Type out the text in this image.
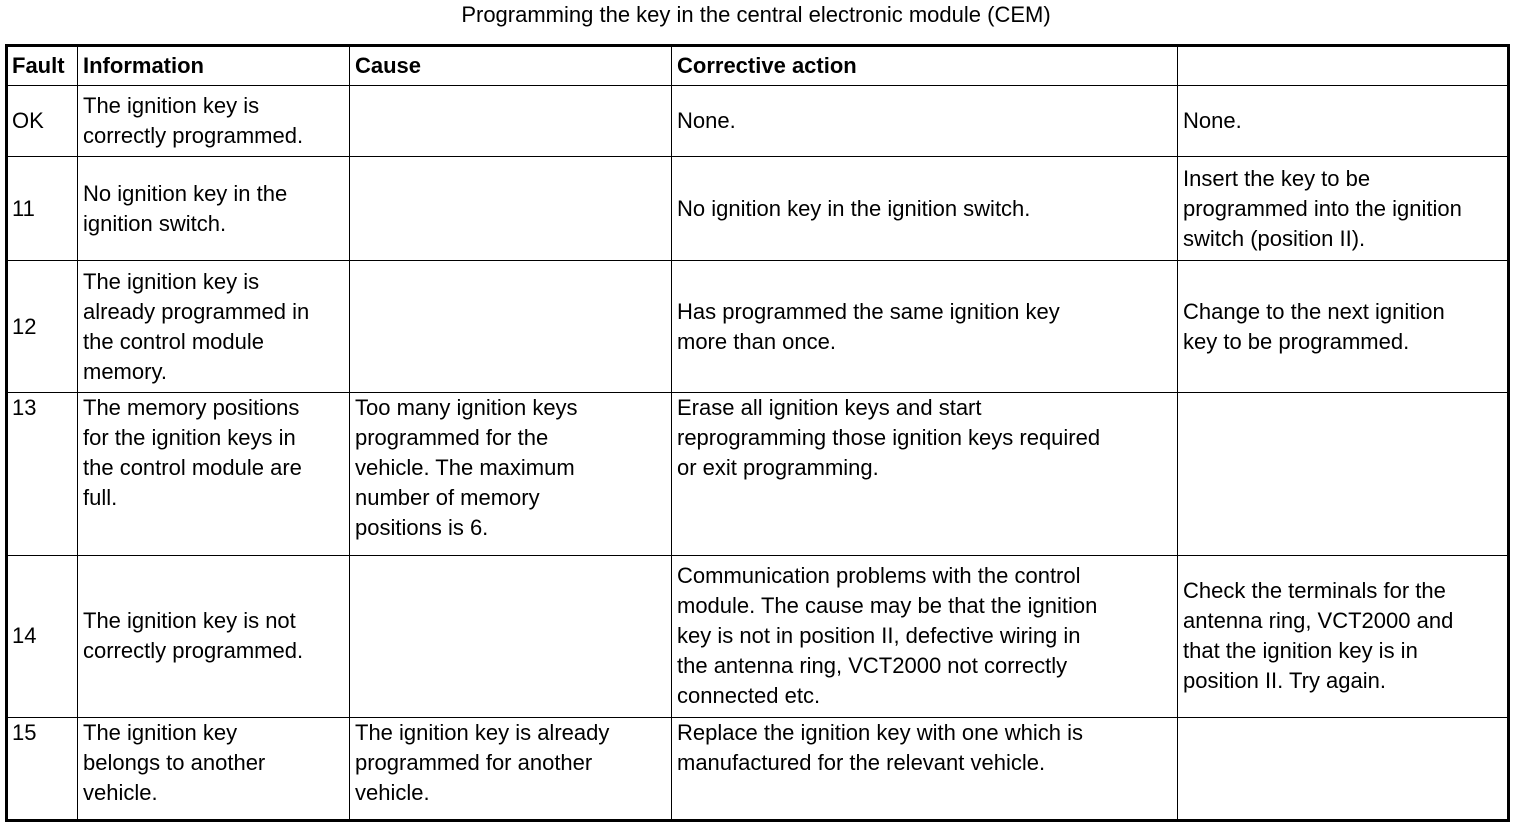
Programming the key in the central electronic module (CEM)
Fault	Information	Cause	Corrective action	
OK	The ignition key is
correctly programmed.		None.	None.
11	No ignition key in the
ignition switch.		No ignition key in the ignition switch.	Insert the key to be
programmed into the ignition
switch (position II).
12	The ignition key is
already programmed in
the control module
memory.		Has programmed the same ignition key
more than once.	Change to the next ignition
key to be programmed.
13	The memory positions
for the ignition keys in
the control module are
full.	Too many ignition keys
programmed for the
vehicle. The maximum
number of memory
positions is 6.	Erase all ignition keys and start
reprogramming those ignition keys required
or exit programming.	
14	The ignition key is not
correctly programmed.		Communication problems with the control
module. The cause may be that the ignition
key is not in position II, defective wiring in
the antenna ring, VCT2000 not correctly
connected etc.	Check the terminals for the
antenna ring, VCT2000 and
that the ignition key is in
position II. Try again.
15	The ignition key
belongs to another
vehicle.	The ignition key is already
programmed for another
vehicle.	Replace the ignition key with one which is
manufactured for the relevant vehicle.	
